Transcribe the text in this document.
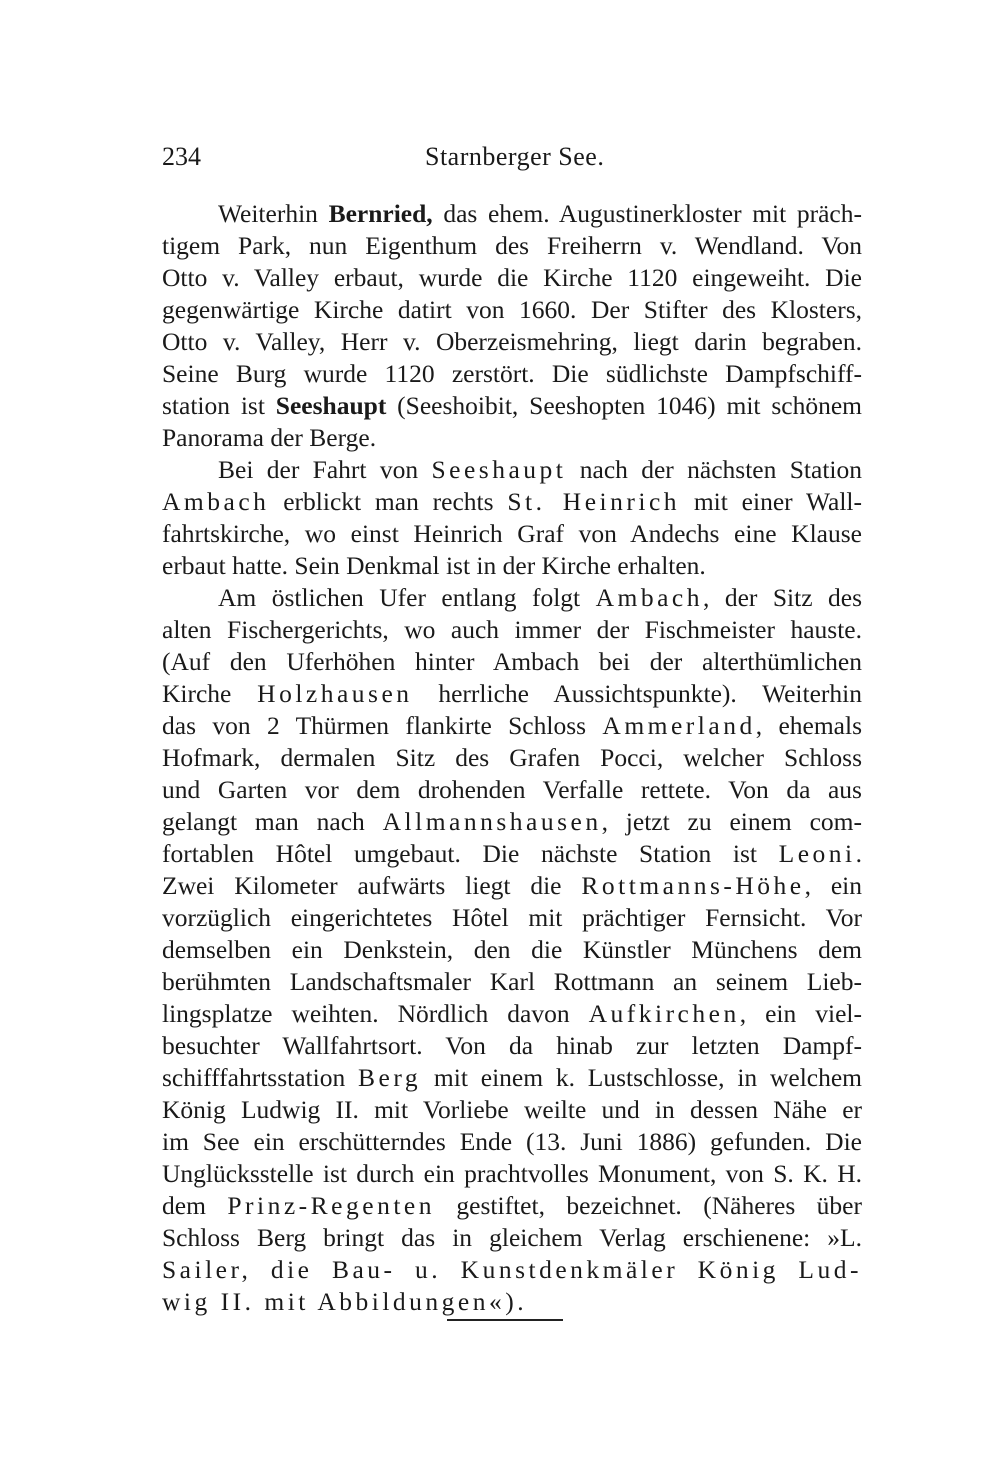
234	Starnberger See.
Weiterhin Bernried, das ehem. Augustinerkloster mit präch-
tigem Park, nun Eigenthum des Freiherrn v. Wendland. Von
Otto v. Valley erbaut, wurde die Kirche 1120 eingeweiht. Die
gegenwärtige Kirche datirt von 1660. Der Stifter des Klosters,
Otto v. Valley, Herr v. Oberzeismehring, liegt darin begraben.
Seine Burg wurde 1120 zerstört. Die südlichste Dampfschiff-
station ist Seeshaupt (Seeshoibit, Seeshopten 1046) mit schönem
Panorama der Berge.
Bei der Fahrt von Seeshaupt nach der nächsten Station
Ambach erblickt man rechts St. Heinrich mit einer Wall-
fahrtskirche, wo einst Heinrich Graf von Andechs eine Klause
erbaut hatte. Sein Denkmal ist in der Kirche erhalten.
Am östlichen Ufer entlang folgt Ambach, der Sitz des
alten Fischergerichts, wo auch immer der Fischmeister hauste.
(Auf den Uferhöhen hinter Ambach bei der alterthümlichen
Kirche Holzhausen herrliche Aussichtspunkte). Weiterhin
das von 2 Thürmen flankirte Schloss Ammerland, ehemals
Hofmark, dermalen Sitz des Grafen Pocci, welcher Schloss
und Garten vor dem drohenden Verfalle rettete. Von da aus
gelangt man nach Allmannshausen, jetzt zu einem com-
fortablen Hôtel umgebaut. Die nächste Station ist Leoni.
Zwei Kilometer aufwärts liegt die Rottmanns-Höhe, ein
vorzüglich eingerichtetes Hôtel mit prächtiger Fernsicht. Vor
demselben ein Denkstein, den die Künstler Münchens dem
berühmten Landschaftsmaler Karl Rottmann an seinem Lieb-
lingsplatze weihten. Nördlich davon Aufkirchen, ein viel-
besuchter Wallfahrtsort. Von da hinab zur letzten Dampf-
schifffahrtsstation Berg mit einem k. Lustschlosse, in welchem
König Ludwig II. mit Vorliebe weilte und in dessen Nähe er
im See ein erschütterndes Ende (13. Juni 1886) gefunden. Die
Unglücksstelle ist durch ein prachtvolles Monument, von S. K. H.
dem Prinz-Regenten gestiftet, bezeichnet. (Näheres über
Schloss Berg bringt das in gleichem Verlag erschienene: »L.
Sailer, die Bau- u. Kunstdenkmäler König Lud-
wig II. mit Abbildungen«).
